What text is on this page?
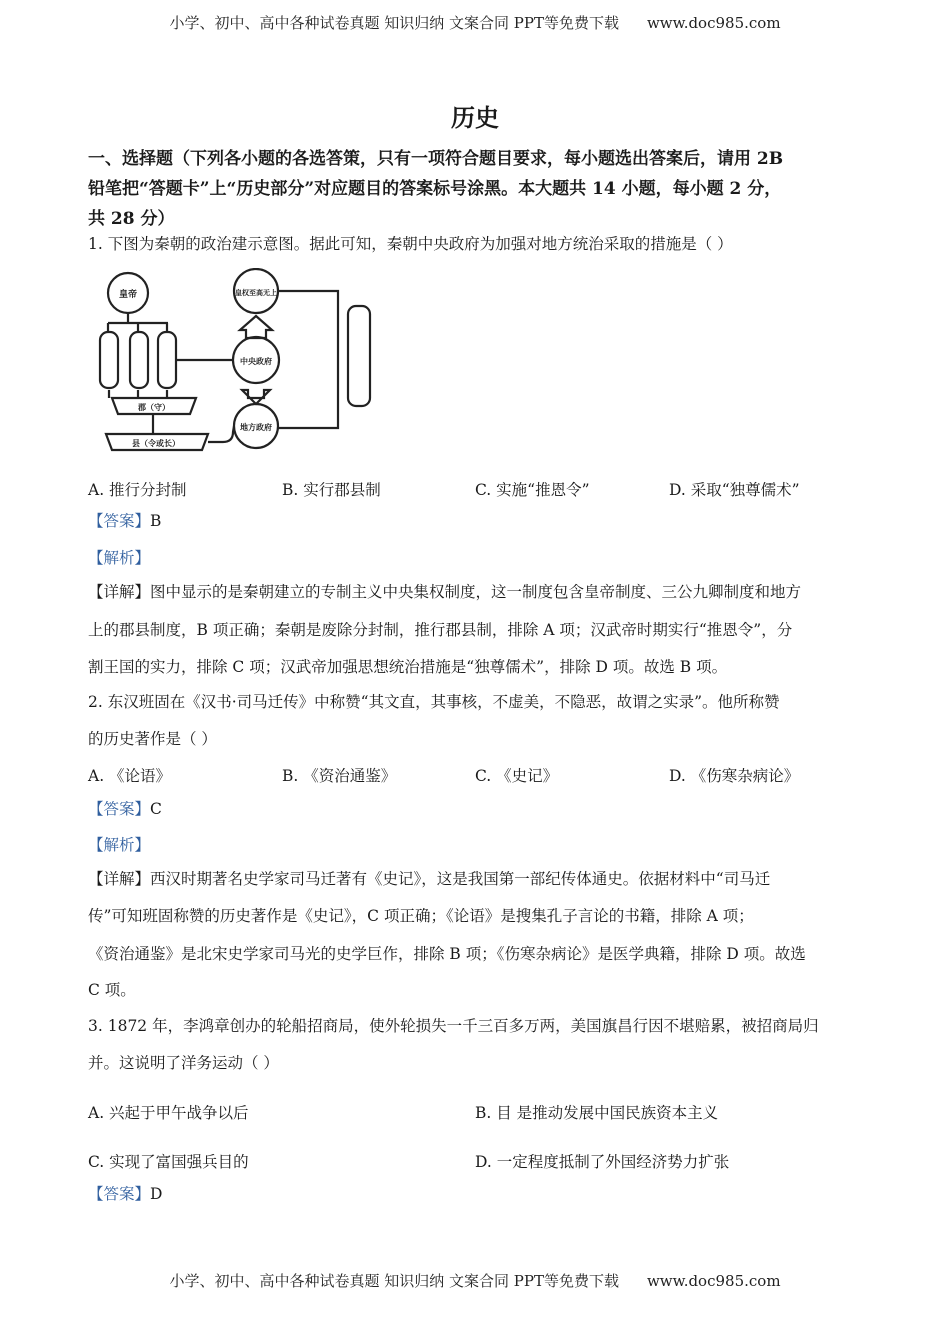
小学、初中、高中各种试卷真题 知识归纳 文案合同 PPT等免费下载 www.doc985.com
历史
一、选择题（下列各小题的各选答策，只有一项符合题目要求，每小题选出答案后，请用 2B
铅笔把“答题卡”上“历史部分”对应题目的答案标号涂黑。本大题共 14 小题，每小题 2 分，
共 28 分）
1. 下图为秦朝的政治建示意图。据此可知，秦朝中央政府为加强对地方统治采取的措施是（ ）
皇帝	皇权至高无上
中央政府
地方政府
郡（守）
县（令或长）
A. 推行分封制	B. 实行郡县制	C. 实施“推恩令”	D. 采取“独尊儒术”
【答案】B
【解析】
【详解】图中显示的是秦朝建立的专制主义中央集权制度，这一制度包含皇帝制度、三公九卿制度和地方
上的郡县制度，B 项正确；秦朝是废除分封制，推行郡县制，排除 A 项；汉武帝时期实行“推恩令”，分
割王国的实力，排除 C 项；汉武帝加强思想统治措施是“独尊儒术”，排除 D 项。故选 B 项。
2. 东汉班固在《汉书·司马迁传》中称赞“其文直，其事核，不虚美，不隐恶，故谓之实录”。他所称赞
的历史著作是（ ）
A. 《论语》	B. 《资治通鉴》	C. 《史记》	D. 《伤寒杂病论》
【答案】C
【解析】
【详解】西汉时期著名史学家司马迁著有《史记》，这是我国第一部纪传体通史。依据材料中“司马迁
传”可知班固称赞的历史著作是《史记》，C 项正确；《论语》是搜集孔子言论的书籍，排除 A 项；
《资治通鉴》是北宋史学家司马光的史学巨作，排除 B 项；《伤寒杂病论》是医学典籍，排除 D 项。故选
C 项。
3. 1872 年，李鸿章创办的轮船招商局，使外轮损失一千三百多万两，美国旗昌行因不堪赔累，被招商局归
并。这说明了洋务运动（ ）
A. 兴起于甲午战争以后	B. 目 是推动发展中国民族资本主义
C. 实现了富国强兵目的	D. 一定程度抵制了外国经济势力扩张
【答案】D
小学、初中、高中各种试卷真题 知识归纳 文案合同 PPT等免费下载 www.doc985.com
